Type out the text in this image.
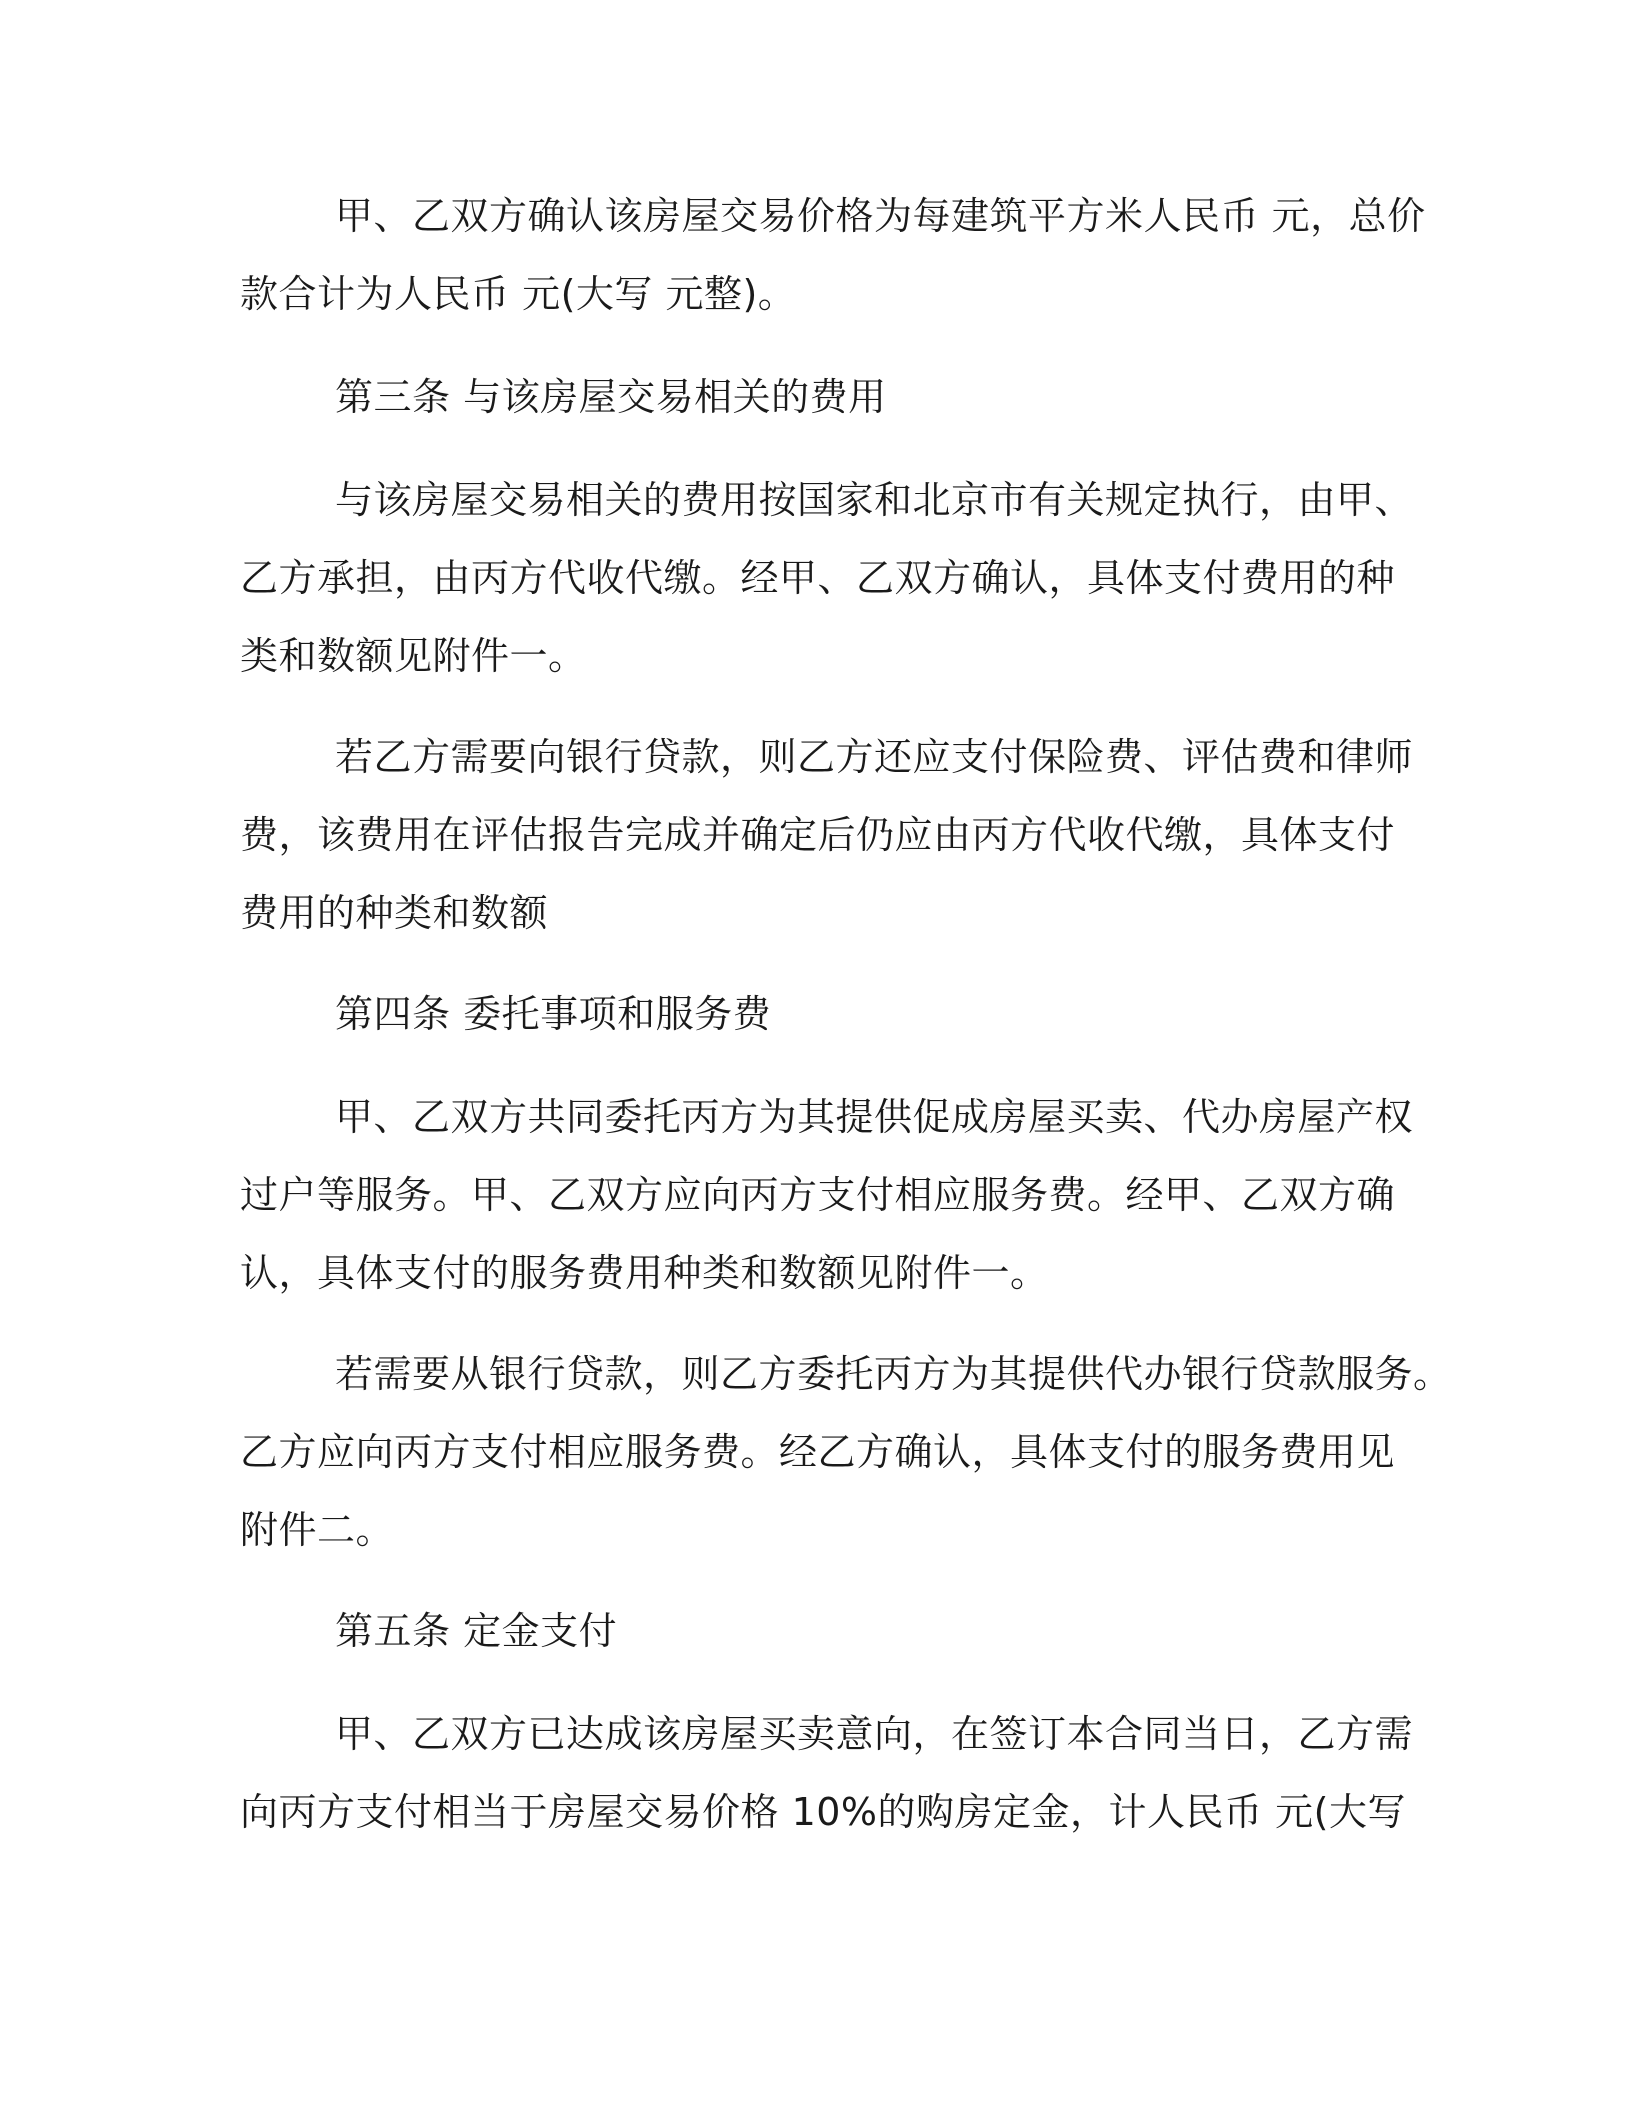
甲、乙双方确认该房屋交易价格为每建筑平方米人民币 元，总价
款合计为人民币 元(大写 元整)。
第三条 与该房屋交易相关的费用
与该房屋交易相关的费用按国家和北京市有关规定执行，由甲、
乙方承担，由丙方代收代缴。经甲、乙双方确认，具体支付费用的种
类和数额见附件一。
若乙方需要向银行贷款，则乙方还应支付保险费、评估费和律师
费，该费用在评估报告完成并确定后仍应由丙方代收代缴，具体支付
费用的种类和数额
第四条 委托事项和服务费
甲、乙双方共同委托丙方为其提供促成房屋买卖、代办房屋产权
过户等服务。甲、乙双方应向丙方支付相应服务费。经甲、乙双方确
认，具体支付的服务费用种类和数额见附件一。
若需要从银行贷款，则乙方委托丙方为其提供代办银行贷款服务。
乙方应向丙方支付相应服务费。经乙方确认，具体支付的服务费用见
附件二。
第五条 定金支付
甲、乙双方已达成该房屋买卖意向，在签订本合同当日，乙方需
向丙方支付相当于房屋交易价格 10%的购房定金，计人民币 元(大写
